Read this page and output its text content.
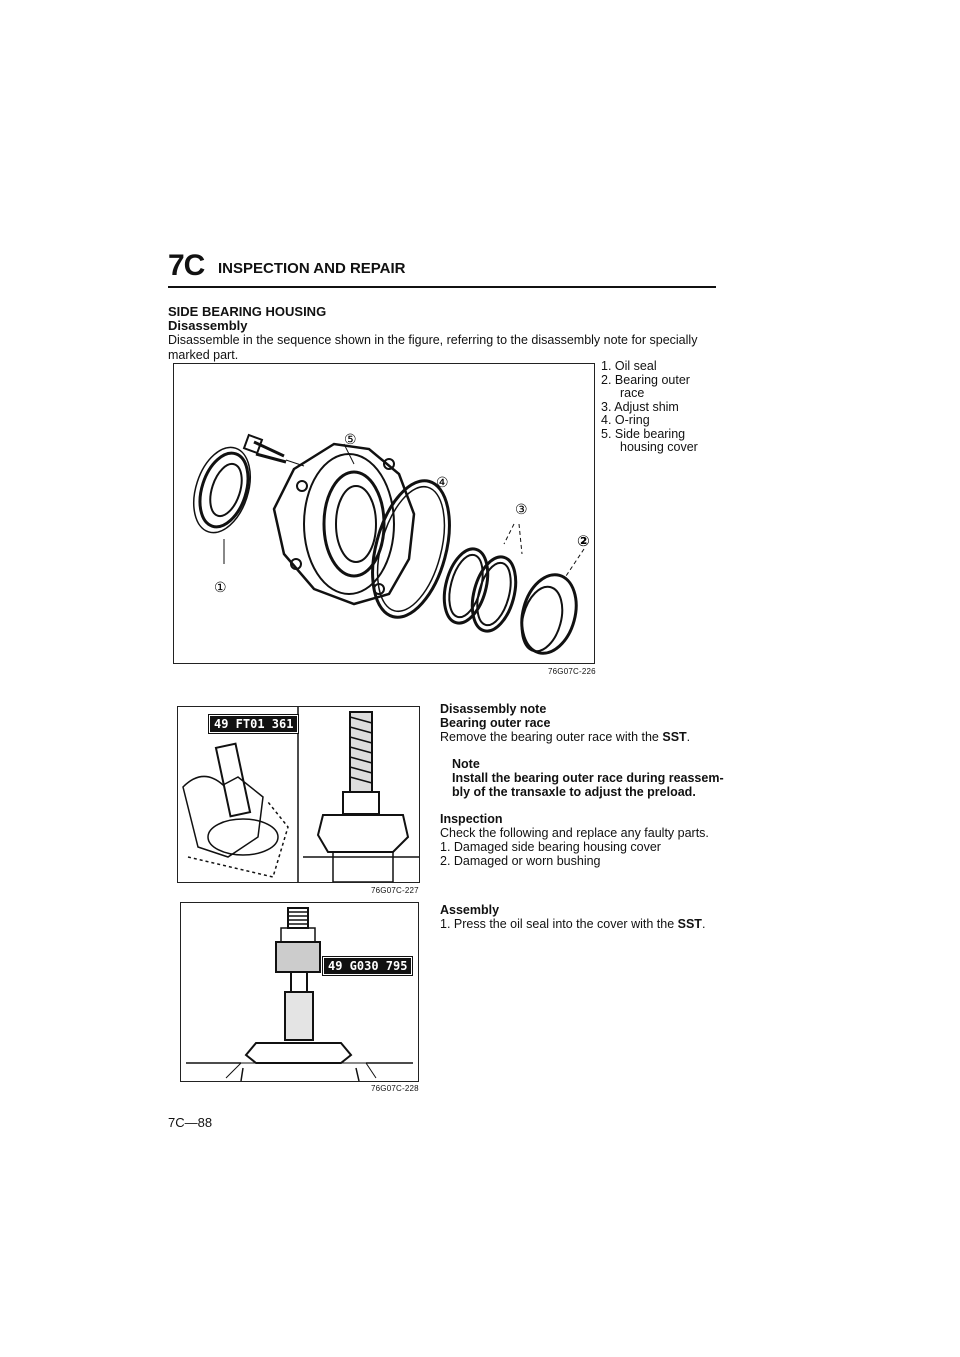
7C INSPECTION AND REPAIR
SIDE BEARING HOUSING
Disassembly
Disassemble in the sequence shown in the figure, referring to the disassembly note for specially marked part.
①
②
③
④
⑤
76G07C-226
1. Oil seal
2. Bearing outer
race
3. Adjust shim
4. O-ring
5. Side bearing
housing cover
49 FT01 361
76G07C-227
Disassembly note
Bearing outer race
Remove the bearing outer race with the SST.
Note
Install the bearing outer race during reassem-
bly of the transaxle to adjust the preload.
Inspection
Check the following and replace any faulty parts.
1. Damaged side bearing housing cover
2. Damaged or worn bushing
49 G030 795
76G07C-228
Assembly
1. Press the oil seal into the cover with the SST.
7C—88
